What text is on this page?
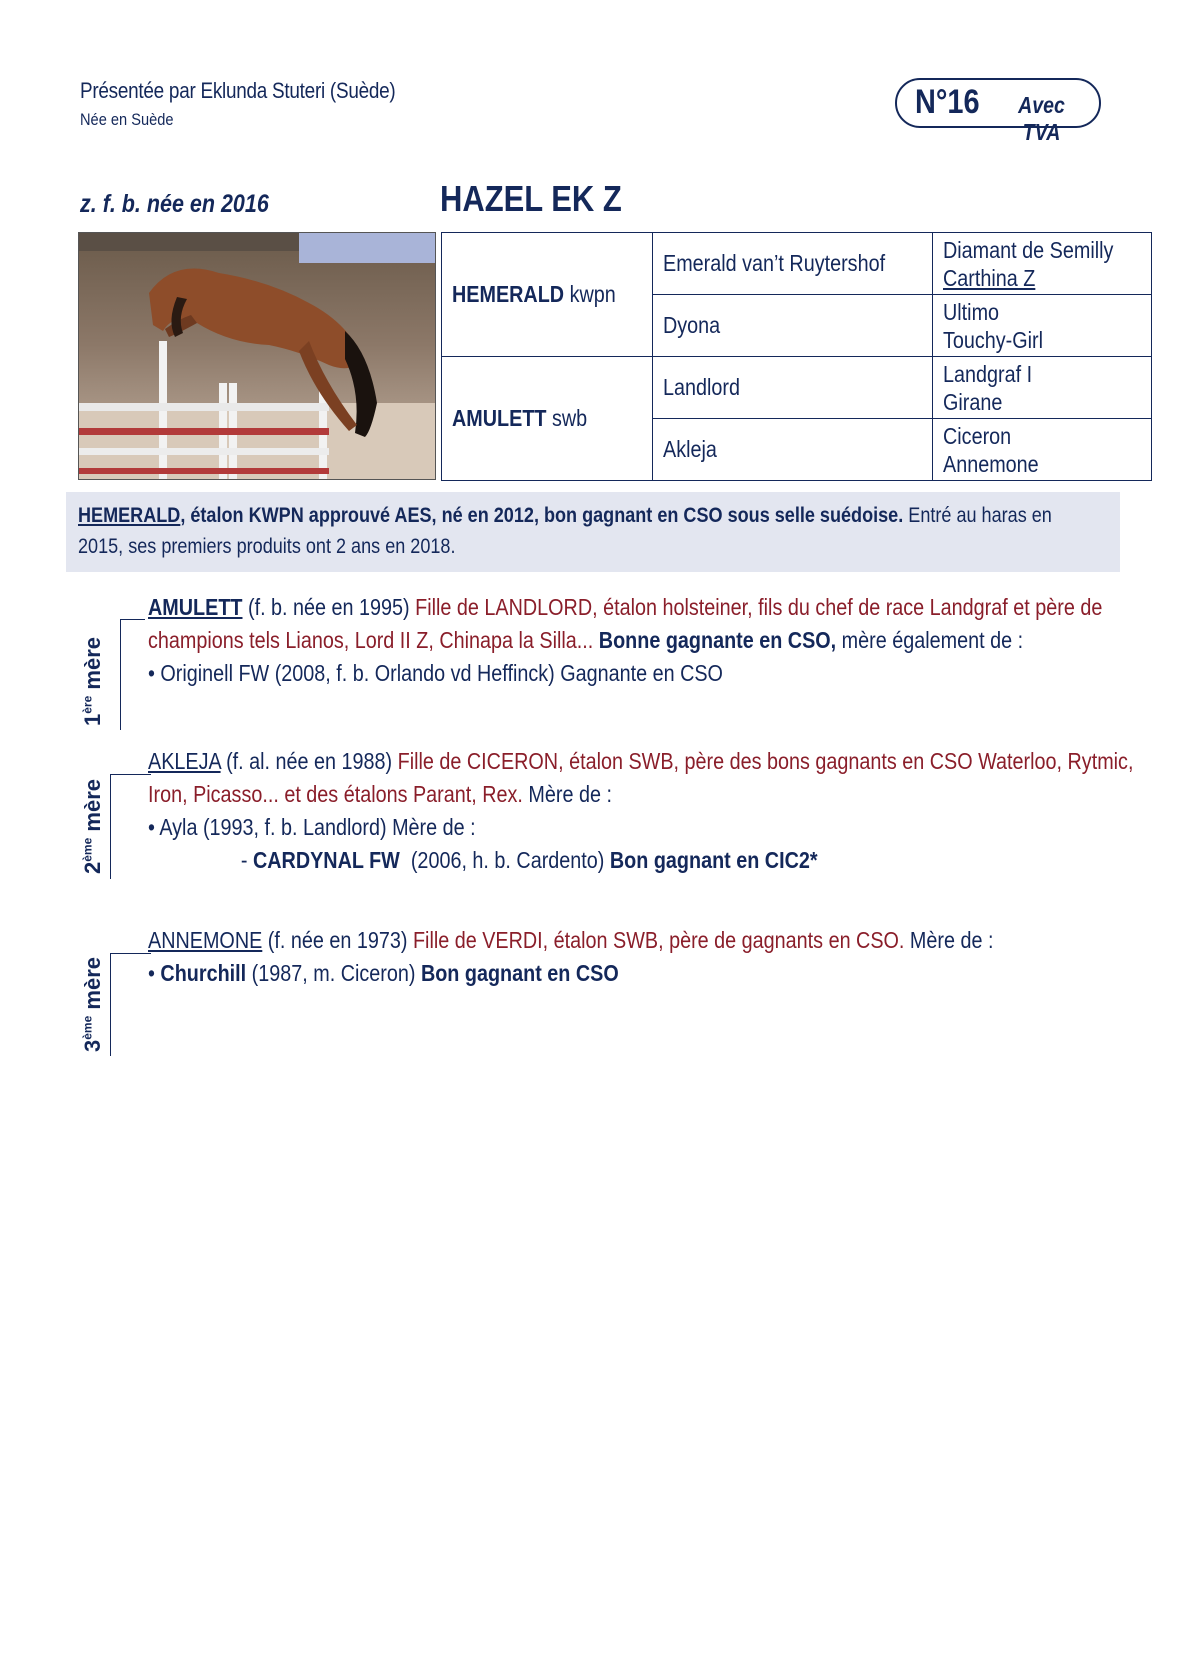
Présentée par Eklunda Stuteri (Suède)
Née en Suède	N°16	Avec TVA
z. f. b. née en 2016	HAZEL EK Z
HEMERALD kwpn	Emerald van’t Ruytershof	Diamant de Semilly
Carthina Z

	Dyona	Ultimo
Touchy-Girl

AMULETT swb	Landlord	Landgraf I
Girane

	Akleja	Ciceron
Annemone
HEMERALD, étalon KWPN approuvé AES, né en 2012, bon gagnant en CSO sous selle suédoise. Entré au haras en 2015, ses premiers produits ont 2 ans en 2018.
1ère mère
AMULETT (f. b. née en 1995) Fille de LANDLORD, étalon holsteiner, fils du chef de race Landgraf et père de champions tels Lianos, Lord II Z, Chinapa la Silla... Bonne gagnante en CSO, mère également de :
• Originell FW (2008, f. b. Orlando vd Heffinck) Gagnante en CSO
2ème mère
AKLEJA (f. al. née en 1988) Fille de CICERON, étalon SWB, père des bons gagnants en CSO Waterloo, Rytmic, Iron, Picasso... et des étalons Parant, Rex. Mère de :
• Ayla (1993, f. b. Landlord) Mère de :
- CARDYNAL FW  (2006, h. b. Cardento) Bon gagnant en CIC2*
3ème mère
ANNEMONE (f. née en 1973) Fille de VERDI, étalon SWB, père de gagnants en CSO. Mère de :
• Churchill (1987, m. Ciceron) Bon gagnant en CSO
